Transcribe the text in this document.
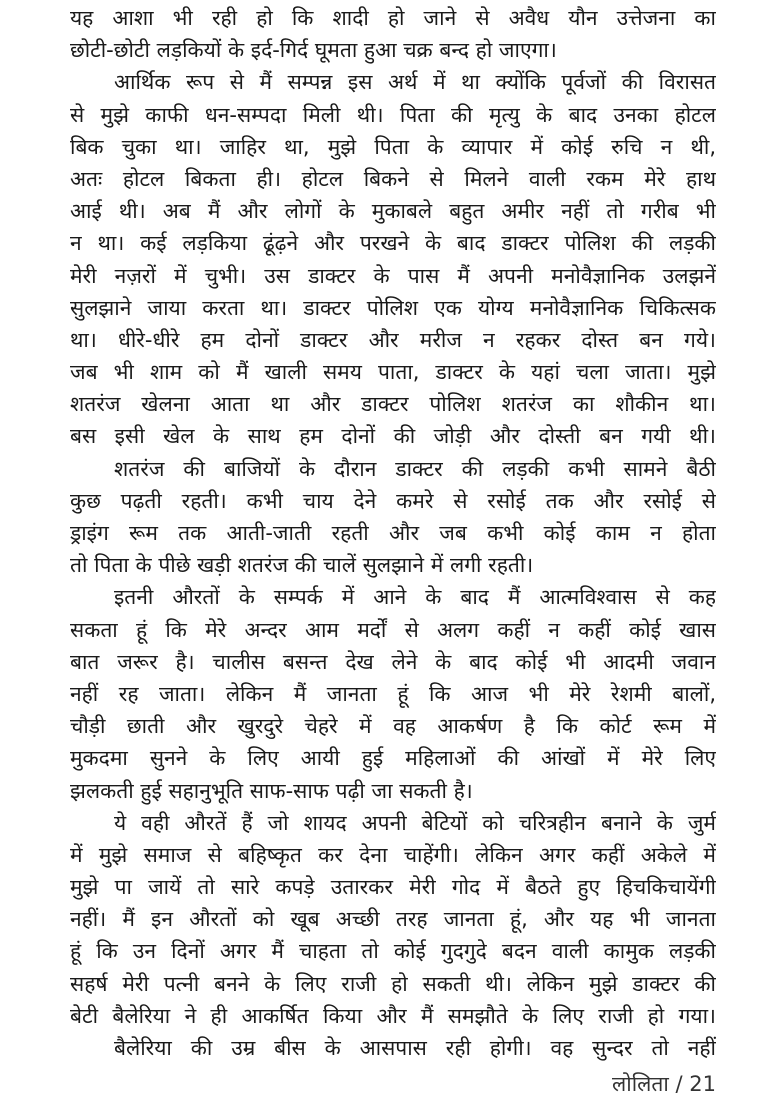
यह आशा भी रही हो कि शादी हो जाने से अवैध यौन उत्तेजना का
छोटी-छोटी लड़कियों के इर्द-गिर्द घूमता हुआ चक्र बन्द हो जाएगा।
आर्थिक रूप से मैं सम्पन्न इस अर्थ में था क्योंकि पूर्वजों की विरासत
से मुझे काफी धन-सम्पदा मिली थी। पिता की मृत्यु के बाद उनका होटल
बिक चुका था। जाहिर था, मुझे पिता के व्यापार में कोई रुचि न थी,
अतः होटल बिकता ही। होटल बिकने से मिलने वाली रकम मेरे हाथ
आई थी। अब मैं और लोगों के मुकाबले बहुत अमीर नहीं तो गरीब भी
न था। कई लड़किया ढूंढ़ने और परखने के बाद डाक्टर पोलिश की लड़की
मेरी नज़रों में चुभी। उस डाक्टर के पास मैं अपनी मनोवैज्ञानिक उलझनें
सुलझाने जाया करता था। डाक्टर पोलिश एक योग्य मनोवैज्ञानिक चिकित्सक
था। धीरे-धीरे हम दोनों डाक्टर और मरीज न रहकर दोस्त बन गये।
जब भी शाम को मैं खाली समय पाता, डाक्टर के यहां चला जाता। मुझे
शतरंज खेलना आता था और डाक्टर पोलिश शतरंज का शौकीन था।
बस इसी खेल के साथ हम दोनों की जोड़ी और दोस्ती बन गयी थी।
शतरंज की बाजियों के दौरान डाक्टर की लड़की कभी सामने बैठी
कुछ पढ़ती रहती। कभी चाय देने कमरे से रसोई तक और रसोई से
ड्राइंग रूम तक आती-जाती रहती और जब कभी कोई काम न होता
तो पिता के पीछे खड़ी शतरंज की चालें सुलझाने में लगी रहती।
इतनी औरतों के सम्पर्क में आने के बाद मैं आत्मविश्वास से कह
सकता हूं कि मेरे अन्दर आम मर्दों से अलग कहीं न कहीं कोई खास
बात जरूर है। चालीस बसन्त देख लेने के बाद कोई भी आदमी जवान
नहीं रह जाता। लेकिन मैं जानता हूं कि आज भी मेरे रेशमी बालों,
चौड़ी छाती और खुरदुरे चेहरे में वह आकर्षण है कि कोर्ट रूम में
मुकदमा सुनने के लिए आयी हुई महिलाओं की आंखों में मेरे लिए
झलकती हुई सहानुभूति साफ-साफ पढ़ी जा सकती है।
ये वही औरतें हैं जो शायद अपनी बेटियों को चरित्रहीन बनाने के जुर्म
में मुझे समाज से बहिष्कृत कर देना चाहेंगी। लेकिन अगर कहीं अकेले में
मुझे पा जायें तो सारे कपड़े उतारकर मेरी गोद में बैठते हुए हिचकिचायेंगी
नहीं। मैं इन औरतों को खूब अच्छी तरह जानता हूं, और यह भी जानता
हूं कि उन दिनों अगर मैं चाहता तो कोई गुदगुदे बदन वाली कामुक लड़की
सहर्ष मेरी पत्नी बनने के लिए राजी हो सकती थी। लेकिन मुझे डाक्टर की
बेटी बैलेरिया ने ही आकर्षित किया और मैं समझौते के लिए राजी हो गया।
बैलेरिया की उम्र बीस के आसपास रही होगी। वह सुन्दर तो नहीं
लोलिता / 21
